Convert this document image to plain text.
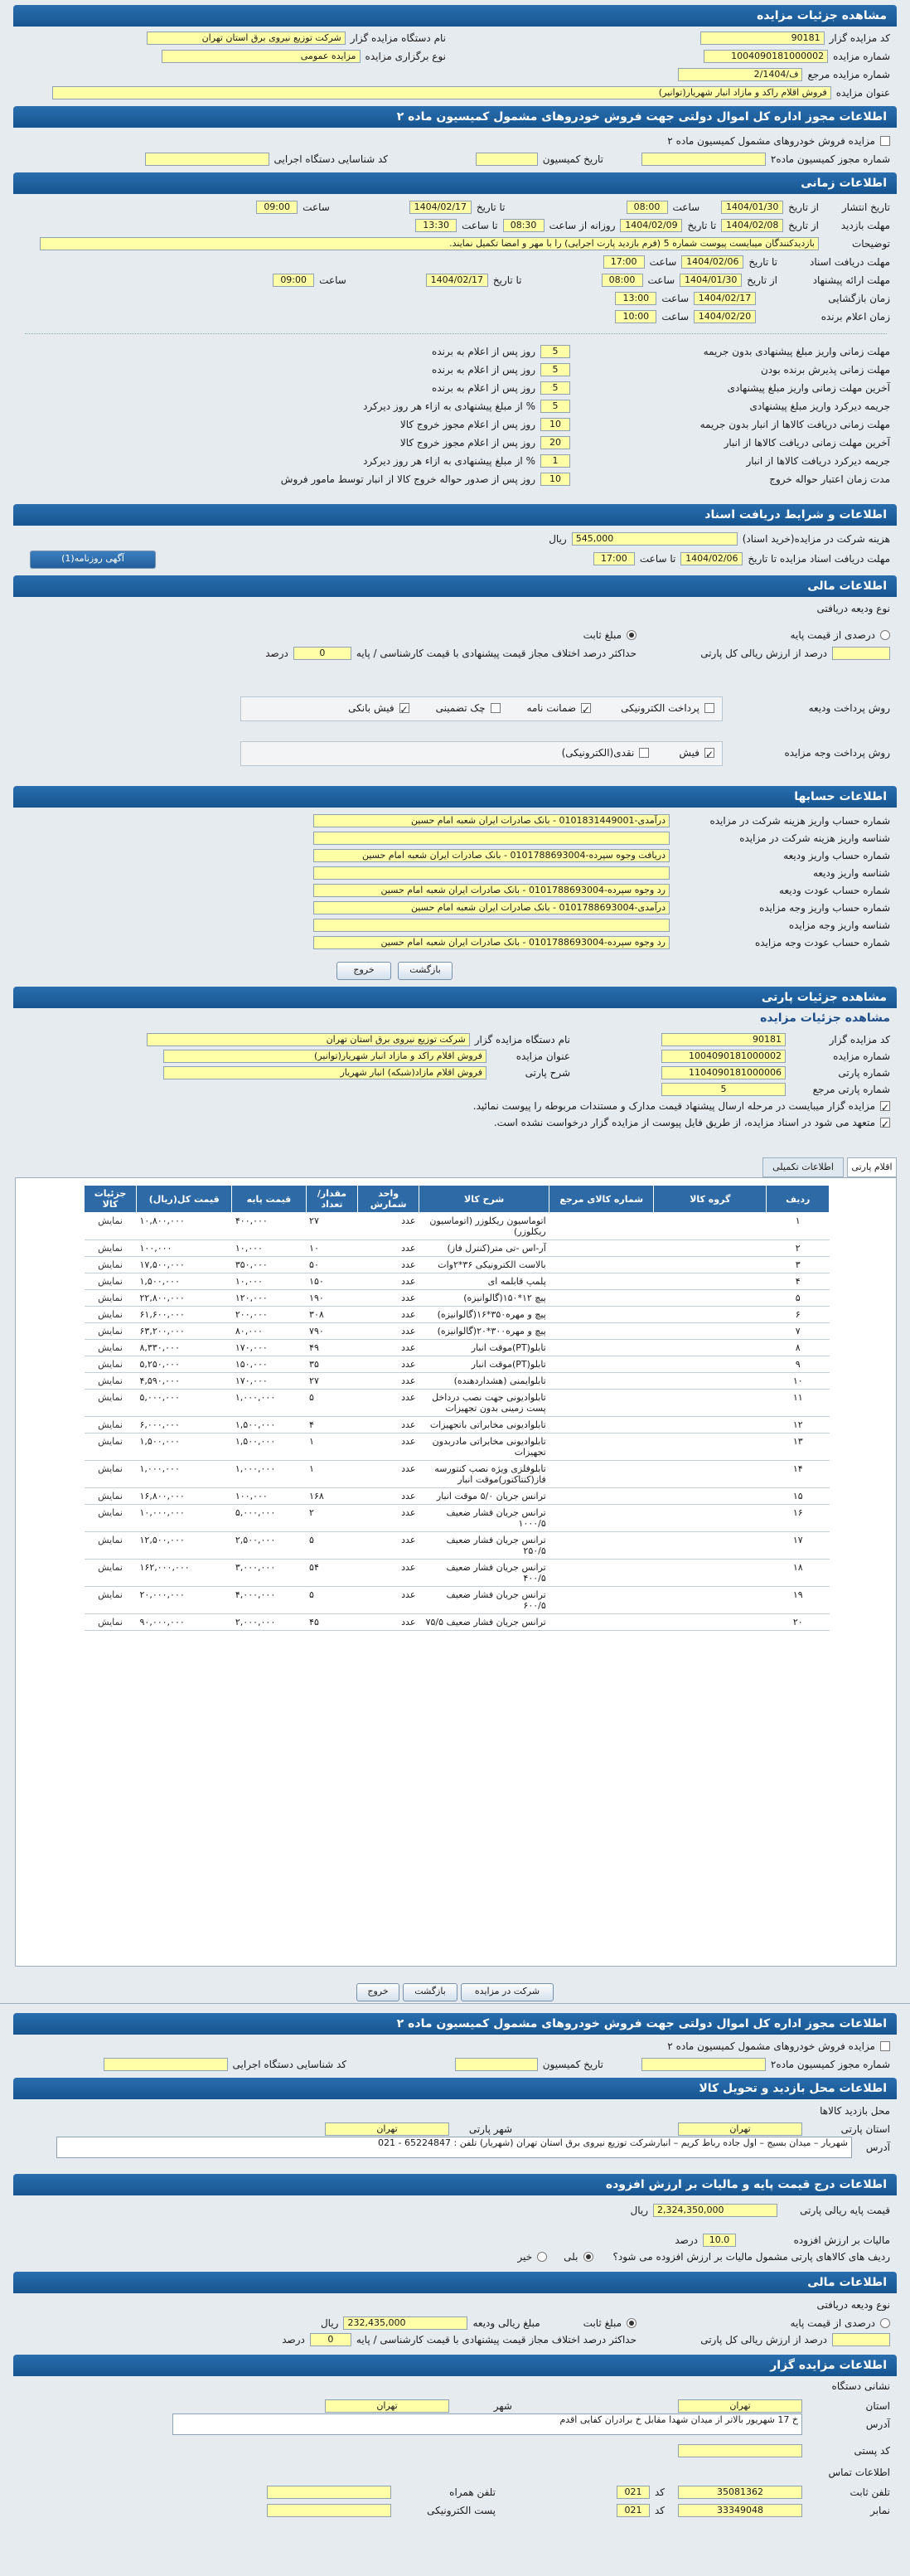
مشاهده جزئیات مزایده
کد مزایده گزار
90181
نام دستگاه مزایده گزار
شرکت توزیع نیروی برق استان تهران
شماره مزایده
1004090181000002
نوع برگزاری مزایده
مزایده عمومی
شماره مزایده مرجع
ف/2/1404
عنوان مزایده
فروش اقلام راکد و مازاد انبار شهریار(توانیر)
اطلاعات مجوز اداره کل اموال دولتی جهت فروش خودروهای مشمول کمیسیون ماده ۲
مزایده فروش خودروهای مشمول کمیسیون ماده ۲
شماره مجوز کمیسیون ماده۲
تاریخ کمیسیون
کد شناسایی دستگاه اجرایی
اطلاعات زمانی
تاریخ انتشار
از تاریخ
1404/01/30
ساعت
08:00
تا تاریخ
1404/02/17
ساعت
09:00
مهلت بازدید
از تاریخ
1404/02/08
تا تاریخ
1404/02/09
روزانه از ساعت
08:30
تا ساعت
13:30
توضیحات
بازدیدکنندگان میبایست پیوست شماره 5 (فرم بازدید پارت اجرایی) را با مهر و امضا تکمیل نمایند.
مهلت دریافت اسناد
تا تاریخ
1404/02/06
ساعت
17:00
مهلت ارائه پیشنهاد
از تاریخ
1404/01/30
ساعت
08:00
تا تاریخ
1404/02/17
ساعت
09:00
زمان بازگشایی
1404/02/17
ساعت
13:00
زمان اعلام برنده
1404/02/20
ساعت
10:00
مهلت زمانی واریز مبلغ پیشنهادی بدون جریمه
5
روز پس از اعلام به برنده
مهلت زمانی پذیرش برنده بودن
5
روز پس از اعلام به برنده
آخرین مهلت زمانی واریز مبلغ پیشنهادی
5
روز پس از اعلام به برنده
جریمه دیرکرد واریز مبلغ پیشنهادی
5
% از مبلغ پیشنهادی به ازاء هر روز دیرکرد
مهلت زمانی دریافت کالاها از انبار بدون جریمه
10
روز پس از اعلام مجوز خروج کالا
آخرین مهلت زمانی دریافت کالاها از انبار
20
روز پس از اعلام مجوز خروج کالا
جریمه دیرکرد دریافت کالاها از انبار
1
% از مبلغ پیشنهادی به ازاء هر روز دیرکرد
مدت زمان اعتبار حواله خروج
10
روز پس از صدور حواله خروج کالا از انبار توسط مامور فروش
اطلاعات و شرایط دریافت اسناد
هزینه شرکت در مزایده(خرید اسناد)
545,000
ریال
مهلت دریافت اسناد مزایده تا تاریخ
1404/02/06
تا ساعت
17:00
آگهی روزنامه(1)
اطلاعات مالی
نوع ودیعه دریافتی
درصدی از قیمت پایه
مبلغ ثابت
درصد از ارزش ریالی کل پارتی
حداکثر درصد اختلاف مجاز قیمت پیشنهادی با قیمت کارشناسی / پایه
0
درصد
روش پرداخت ودیعه
پرداخت الکترونیکی
✓
ضمانت نامه
چک تضمینی
✓
فیش بانکی
روش پرداخت وجه مزایده
✓
فیش
نقدی(الکترونیکی)
اطلاعات حسابها
شماره حساب واریز هزینه شرکت در مزایده
درآمدی-0101831449001 - بانک صادرات ایران شعبه امام حسین
شناسه واریز هزینه شرکت در مزایده
شماره حساب واریز ودیعه
دریافت وجوه سپرده-0101788693004 - بانک صادرات ایران شعبه امام حسین
شناسه واریز ودیعه
شماره حساب عودت ودیعه
رد وجوه سپرده-0101788693004 - بانک صادرات ایران شعبه امام حسین
شماره حساب واریز وجه مزایده
درآمدی-0101788693004 - بانک صادرات ایران شعبه امام حسین
شناسه واریز وجه مزایده
شماره حساب عودت وجه مزایده
رد وجوه سپرده-0101788693004 - بانک صادرات ایران شعبه امام حسین
بازگشت
خروج
مشاهده جزئیات پارتی
مشاهده جزئیات مزایده
کد مزایده گزار
90181
نام دستگاه مزایده گزار
شرکت توزیع نیروی برق استان تهران
شماره مزایده
1004090181000002
عنوان مزایده
فروش اقلام راکد و مازاد انبار شهریار(توانیر)
شماره پارتی
1104090181000006
شرح پارتی
فروش اقلام مازاد(شبکه) انبار شهریار
شماره پارتی مرجع
5
✓
مزایده گزار میبایست در مرحله ارسال پیشنهاد قیمت مدارک و مستندات مربوطه را پیوست نمائید.
✓
متعهد می شود در اسناد مزایده، از طریق فایل پیوست از مزایده گزار درخواست نشده است.
اقلام پارتی
اطلاعات تکمیلی
ردیف	گروه کالا	شماره کالای مرجع	شرح کالا	واحد شمارش	مقدار/تعداد	قیمت پایه	قیمت کل(ریال)	جزئیات کالا
۱			اتوماسیون ریکلوزر (اتوماسیون ریکلوزر)	عدد	۲۷	۴۰۰,۰۰۰	۱۰,۸۰۰,۰۰۰	نمایش
۲			آر-اس -تی متر(کنترل فاز)	عدد	۱۰	۱۰,۰۰۰	۱۰۰,۰۰۰	نمایش
۳			بالاست الکترونیکی ۳۶*۲وات	عدد	۵۰	۳۵۰,۰۰۰	۱۷,۵۰۰,۰۰۰	نمایش
۴			پلمپ قابلمه ای	عدد	۱۵۰	۱۰,۰۰۰	۱,۵۰۰,۰۰۰	نمایش
۵			پیچ ۱۲*۱۵۰(گالوانیزه)	عدد	۱۹۰	۱۲۰,۰۰۰	۲۲,۸۰۰,۰۰۰	نمایش
۶			پیچ و مهره۳۵۰*۱۶(گالوانیزه)	عدد	۳۰۸	۲۰۰,۰۰۰	۶۱,۶۰۰,۰۰۰	نمایش
۷			پیچ و مهره۳۰۰*۲۰(گالوانیزه)	عدد	۷۹۰	۸۰,۰۰۰	۶۳,۲۰۰,۰۰۰	نمایش
۸			تابلو(PT)موقت انبار	عدد	۴۹	۱۷۰,۰۰۰	۸,۳۳۰,۰۰۰	نمایش
۹			تابلو(PT)موقت انبار	عدد	۳۵	۱۵۰,۰۰۰	۵,۲۵۰,۰۰۰	نمایش
۱۰			تابلوایمنی (هشداردهنده)	عدد	۲۷	۱۷۰,۰۰۰	۴,۵۹۰,۰۰۰	نمایش
۱۱			تابلوادیونی جهت نصب درداخل پست زمینی بدون تجهیزات	عدد	۵	۱,۰۰۰,۰۰۰	۵,۰۰۰,۰۰۰	نمایش
۱۲			تابلوادیونی مخابراتی باتجهیزات	عدد	۴	۱,۵۰۰,۰۰۰	۶,۰۰۰,۰۰۰	نمایش
۱۳			تابلوادیونی مخابراتی مادربدون تجهیزات	عدد	۱	۱,۵۰۰,۰۰۰	۱,۵۰۰,۰۰۰	نمایش
۱۴			تابلوفلزی ویژه نصب کنتورسه فاز(کنتاکتور)موقت انبار	عدد	۱	۱,۰۰۰,۰۰۰	۱,۰۰۰,۰۰۰	نمایش
۱۵			ترانس جریان ۵/۰ موقت انبار	عدد	۱۶۸	۱۰۰,۰۰۰	۱۶,۸۰۰,۰۰۰	نمایش
۱۶			ترانس جریان فشار ضعیف ۱۰۰۰/۵	عدد	۲	۵,۰۰۰,۰۰۰	۱۰,۰۰۰,۰۰۰	نمایش
۱۷			ترانس جریان فشار ضعیف ۲۵۰/۵	عدد	۵	۲,۵۰۰,۰۰۰	۱۲,۵۰۰,۰۰۰	نمایش
۱۸			ترانس جریان فشار ضعیف ۴۰۰/۵	عدد	۵۴	۳,۰۰۰,۰۰۰	۱۶۲,۰۰۰,۰۰۰	نمایش
۱۹			ترانس جریان فشار ضعیف ۶۰۰/۵	عدد	۵	۴,۰۰۰,۰۰۰	۲۰,۰۰۰,۰۰۰	نمایش
۲۰			ترانس جریان فشار ضعیف ۷۵/۵	عدد	۴۵	۲,۰۰۰,۰۰۰	۹۰,۰۰۰,۰۰۰	نمایش
شرکت در مزایده
بازگشت
خروج
اطلاعات مجوز اداره کل اموال دولتی جهت فروش خودروهای مشمول کمیسیون ماده ۲
مزایده فروش خودروهای مشمول کمیسیون ماده ۲
شماره مجوز کمیسیون ماده۲
تاریخ کمیسیون
کد شناسایی دستگاه اجرایی
اطلاعات محل بازدید و تحویل کالا
محل بازدید کالاها
استان پارتی
تهران
شهر پارتی
تهران
آدرس
شهریار – میدان بسیج – اول جاده رباط کریم – انبارشرکت توزیع نیروی برق استان تهران (شهریار) تلفن : 65224847 - 021
اطلاعات درج قیمت پایه و مالیات بر ارزش افزوده
قیمت پایه ریالی پارتی
2,324,350,000
ریال
مالیات بر ارزش افزوده
10.0
درصد
ردیف های کالاهای پارتی مشمول مالیات بر ارزش افزوده می شود؟
بلی
خیر
اطلاعات مالی
نوع ودیعه دریافتی
درصدی از قیمت پایه
مبلغ ثابت
مبلغ ریالی ودیعه
232,435,000
ریال
درصد از ارزش ریالی کل پارتی
حداکثر درصد اختلاف مجاز قیمت پیشنهادی با قیمت کارشناسی / پایه
0
درصد
اطلاعات مزایده گزار
نشانی دستگاه
استان
تهران
شهر
تهران
آدرس
خ 17 شهریور بالاتر از میدان شهدا مقابل خ برادران کفایی اقدم
کد پستی
اطلاعات تماس
تلفن ثابت
35081362
کد
021
تلفن همراه
نمابر
33349048
کد
021
پست الکترونیکی
